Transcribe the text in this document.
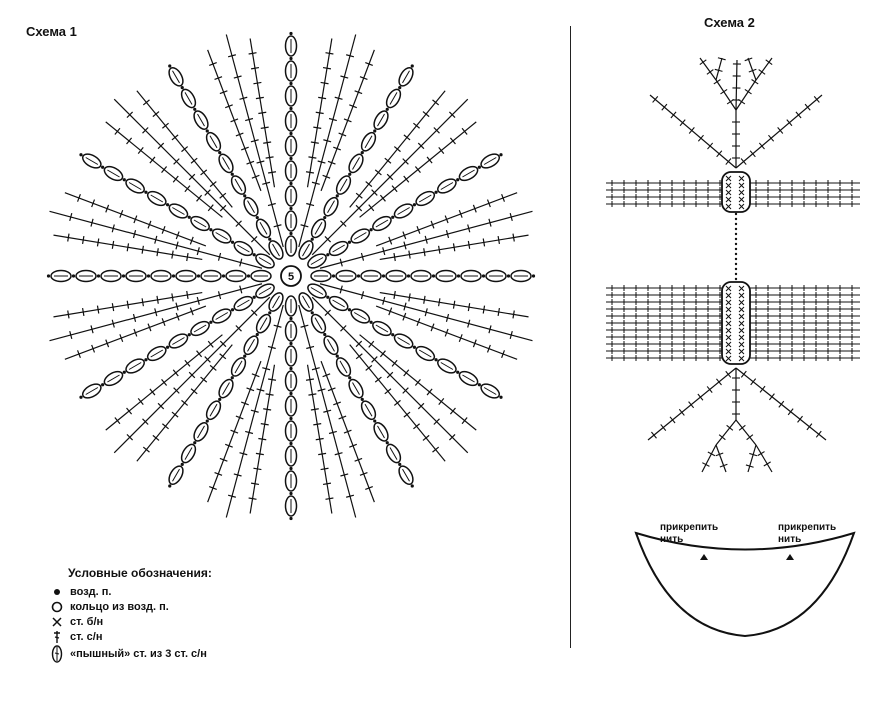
Схема 1
Схема 2
5
прикрепить
нить
прикрепить
нить
Условные обозначения:
возд. п.
кольцо из возд. п.
ст. б/н
ст. с/н
«пышный» ст. из 3 ст. с/н
